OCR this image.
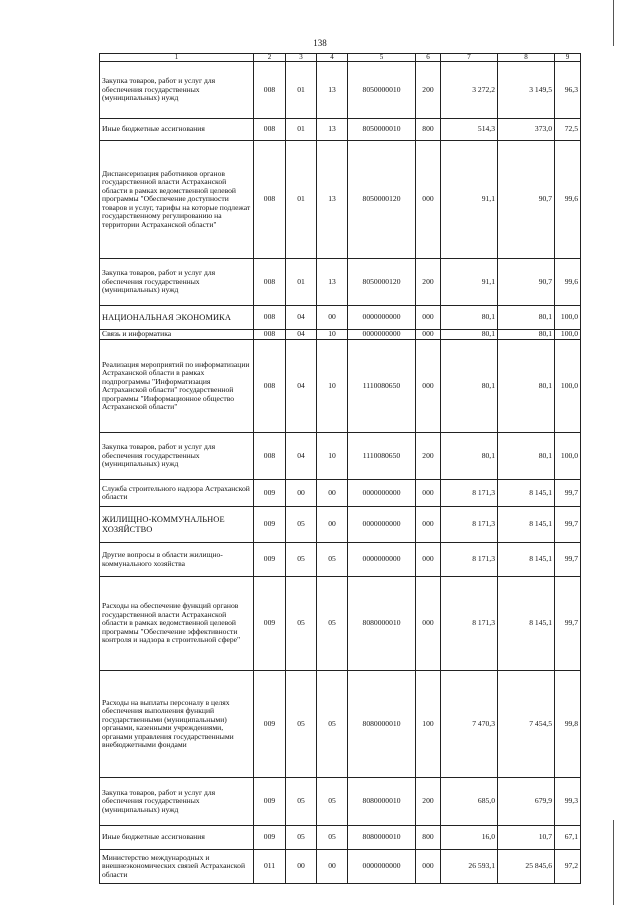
138
1	2	3	4	5	6	7	8	9
Закупка товаров, работ и услуг для обеспечения государственных (муниципальных) нужд	008	01	13	8050000010	200	3 272,2	3 149,5	96,3
Иные бюджетные ассигнования	008	01	13	8050000010	800	514,3	373,0	72,5
Диспансеризация работников органов государственной власти Астраханской области в рамках ведомственной целевой программы "Обеспечение доступности товаров и услуг, тарифы на которые подлежат государственному регулированию на территории Астраханской области"	008	01	13	8050000120	000	91,1	90,7	99,6
Закупка товаров, работ и услуг для обеспечения государственных (муниципальных) нужд	008	01	13	8050000120	200	91,1	90,7	99,6
НАЦИОНАЛЬНАЯ ЭКОНОМИКА	008	04	00	0000000000	000	80,1	80,1	100,0
Связь и информатика	008	04	10	0000000000	000	80,1	80,1	100,0
Реализация мероприятий по информатизации Астраханской области в рамках подпрограммы "Информатизация Астраханской области" государственной программы "Информационное общество Астраханской области"	008	04	10	1110080650	000	80,1	80,1	100,0
Закупка товаров, работ и услуг для обеспечения государственных (муниципальных) нужд	008	04	10	1110080650	200	80,1	80,1	100,0
Служба строительного надзора Астраханской области	009	00	00	0000000000	000	8 171,3	8 145,1	99,7
ЖИЛИЩНО-КОММУНАЛЬНОЕ ХОЗЯЙСТВО	009	05	00	0000000000	000	8 171,3	8 145,1	99,7
Другие вопросы в области жилищно-коммунального хозяйства	009	05	05	0000000000	000	8 171,3	8 145,1	99,7
Расходы на обеспечение функций органов государственной власти Астраханской области в рамках ведомственной целевой программы "Обеспечение эффективности контроля и надзора в строительной сфере"	009	05	05	8080000010	000	8 171,3	8 145,1	99,7
Расходы на выплаты персоналу в целях обеспечения выполнения функций государственными (муниципальными) органами, казенными учреждениями, органами управления государственными внебюджетными фондами	009	05	05	8080000010	100	7 470,3	7 454,5	99,8
Закупка товаров, работ и услуг для обеспечения государственных (муниципальных) нужд	009	05	05	8080000010	200	685,0	679,9	99,3
Иные бюджетные ассигнования	009	05	05	8080000010	800	16,0	10,7	67,1
Министерство международных и внешнеэкономических связей Астраханской области	011	00	00	0000000000	000	26 593,1	25 845,6	97,2
